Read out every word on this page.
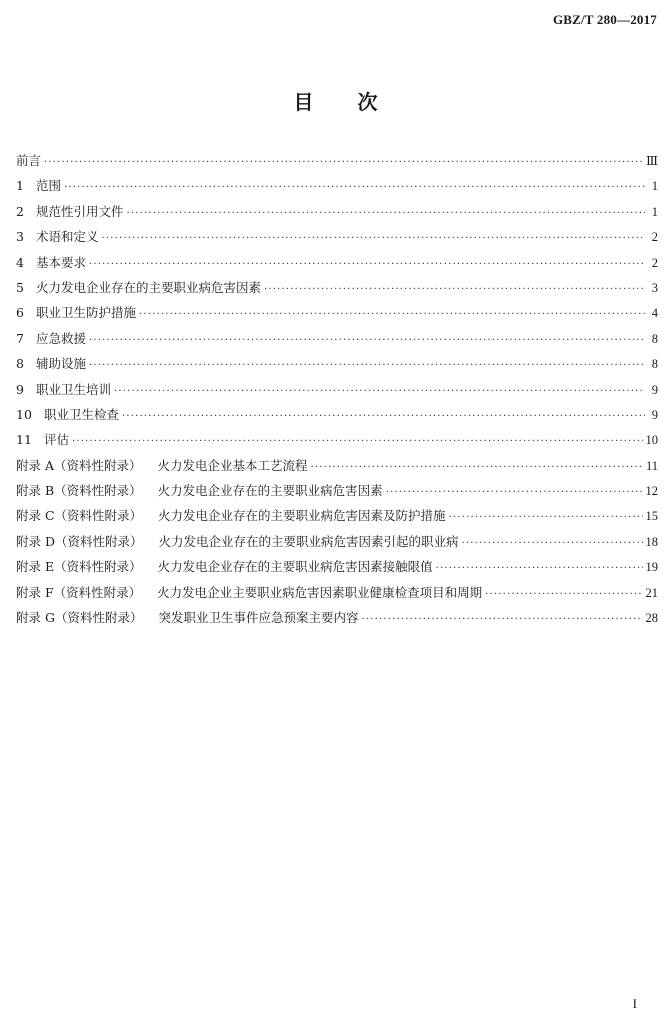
GBZ/T 280—2017
目 次
前言 ·····	Ⅲ
1 范围 ·····	1
2 规范性引用文件 ·····	1
3 术语和定义 ·····	2
4 基本要求 ·····	2
5 火力发电企业存在的主要职业病危害因素 ·····	3
6 职业卫生防护措施 ·····	4
7 应急救援 ·····	8
8 辅助设施 ·····	8
9 职业卫生培训 ·····	9
10 职业卫生检查 ·····	9
11 评估 ·····	10
附录 A（资料性附录） 火力发电企业基本工艺流程 ·····	11
附录 B（资料性附录） 火力发电企业存在的主要职业病危害因素 ·····	12
附录 C（资料性附录） 火力发电企业存在的主要职业病危害因素及防护措施 ·····	15
附录 D（资料性附录） 火力发电企业存在的主要职业病危害因素引起的职业病 ·····	18
附录 E（资料性附录） 火力发电企业存在的主要职业病危害因素接触限值 ·····	19
附录 F（资料性附录） 火力发电企业主要职业病危害因素职业健康检查项目和周期 ·····	21
附录 G（资料性附录） 突发职业卫生事件应急预案主要内容 ·····	28
I
